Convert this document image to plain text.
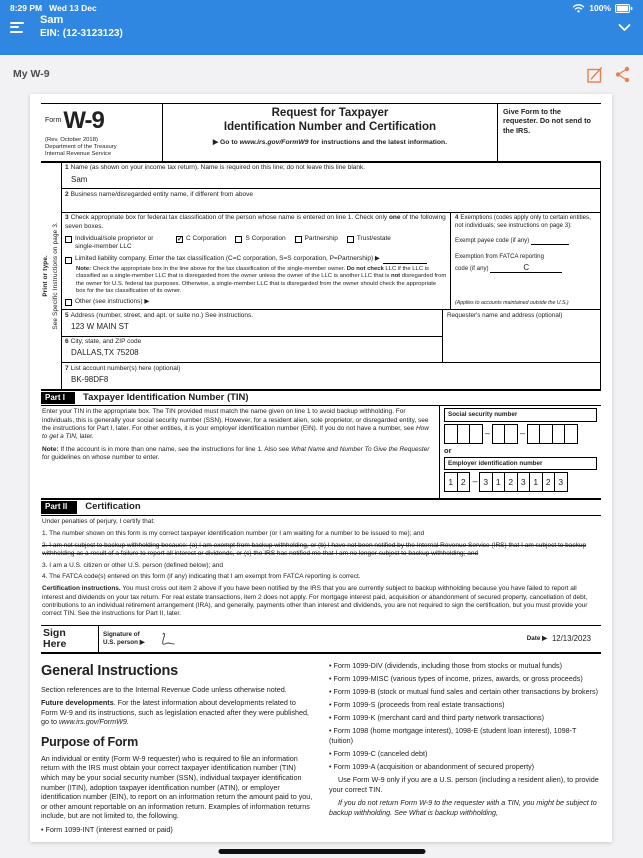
8:29 PM Wed 13 Dec	100%
Sam
EIN: (12-3123123)
My W-9
FormW-9
(Rev. October 2018)
Department of the Treasury
Internal Revenue Service
Request for Taxpayer
Identification Number and Certification
▶ Go to www.irs.gov/FormW9 for instructions and the latest information.
Give Form to the requester. Do not send to the IRS.
Print or type. See Specific Instructions on page 3.
1 Name (as shown on your income tax return). Name is required on this line; do not leave this line blank.
Sam
2 Business name/disregarded entity name, if different from above
3 Check appropriate box for federal tax classification of the person whose name is entered on line 1. Check only one of the following seven boxes.
Individual/sole proprietor or single-member LLC
✓ C Corporation	S Corporation	Partnership	Trust/estate
Limited liability company. Enter the tax classification (C=C corporation, S=S corporation, P=Partnership) ▶
Note: Check the appropriate box in the line above for the tax classification of the single-member owner. Do not check LLC if the LLC is classified as a single-member LLC that is disregarded from the owner unless the owner of the LLC is another LLC that is not disregarded from the owner for U.S. federal tax purposes. Otherwise, a single-member LLC that is disregarded from the owner should check the appropriate box for the tax classification of its owner.
Other (see instructions) ▶
4 Exemptions (codes apply only to certain entities, not individuals; see instructions on page 3):
Exempt payee code (if any)
Exemption from FATCA reporting
code (if any)	C
(Applies to accounts maintained outside the U.S.)
5 Address (number, street, and apt. or suite no.) See instructions.
123 W MAIN ST
6 City, state, and ZIP code
DALLAS,TX 75208
Requester's name and address (optional)
7 List account number(s) here (optional)
BK-98DF8
Part I	Taxpayer Identification Number (TIN)

Enter your TIN in the appropriate box. The TIN provided must match the name given on line 1 to avoid backup withholding. For individuals, this is generally your social security number (SSN). However, for a resident alien, sole proprietor, or disregarded entity, see the instructions for Part I, later. For other entities, it is your employer identification number (EIN). If you do not have a number, see How to get a TIN, later.

Note: If the account is in more than one name, see the instructions for line 1. Also see What Name and Number To Give the Requester for guidelines on whose number to enter.

Social security number
–	–
or
Employer identification number
1 2 – 3 1 2 3 1 2 3
Part II	Certification

Under penalties of perjury, I certify that:

1. The number shown on this form is my correct taxpayer identification number (or I am waiting for a number to be issued to me); and

2. I am not subject to backup withholding because: (a) I am exempt from backup withholding, or (b) I have not been notified by the Internal Revenue Service (IRS) that I am subject to backup withholding as a result of a failure to report all interest or dividends, or (c) the IRS has notified me that I am no longer subject to backup withholding; and

3. I am a U.S. citizen or other U.S. person (defined below); and

4. The FATCA code(s) entered on this form (if any) indicating that I am exempt from FATCA reporting is correct.

Certification instructions. You must cross out item 2 above if you have been notified by the IRS that you are currently subject to backup withholding because you have failed to report all interest and dividends on your tax return. For real estate transactions, item 2 does not apply. For mortgage interest paid, acquisition or abandonment of secured property, cancellation of debt, contributions to an individual retirement arrangement (IRA), and generally, payments other than interest and dividends, you are not required to sign the certification, but you must provide your correct TIN. See the instructions for Part II, later.

Sign
Here
Signature of
U.S. person ▶
Date ▶ 12/13/2023
General Instructions

Section references are to the Internal Revenue Code unless otherwise noted.

Future developments. For the latest information about developments related to Form W-9 and its instructions, such as legislation enacted after they were published, go to www.irs.gov/FormW9.

Purpose of Form

An individual or entity (Form W-9 requester) who is required to file an information return with the IRS must obtain your correct taxpayer identification number (TIN) which may be your social security number (SSN), individual taxpayer identification number (ITIN), adoption taxpayer identification number (ATIN), or employer identification number (EIN), to report on an information return the amount paid to you, or other amount reportable on an information return. Examples of information returns include, but are not limited to, the following.

• Form 1099-INT (interest earned or paid)

• Form 1099-DIV (dividends, including those from stocks or mutual funds)

• Form 1099-MISC (various types of income, prizes, awards, or gross proceeds)

• Form 1099-B (stock or mutual fund sales and certain other transactions by brokers)

• Form 1099-S (proceeds from real estate transactions)

• Form 1099-K (merchant card and third party network transactions)

• Form 1098 (home mortgage interest), 1098-E (student loan interest), 1098-T (tuition)

• Form 1099-C (canceled debt)

• Form 1099-A (acquisition or abandonment of secured property)

Use Form W-9 only if you are a U.S. person (including a resident alien), to provide your correct TIN.

If you do not return Form W-9 to the requester with a TIN, you might be subject to backup withholding. See What is backup withholding,
